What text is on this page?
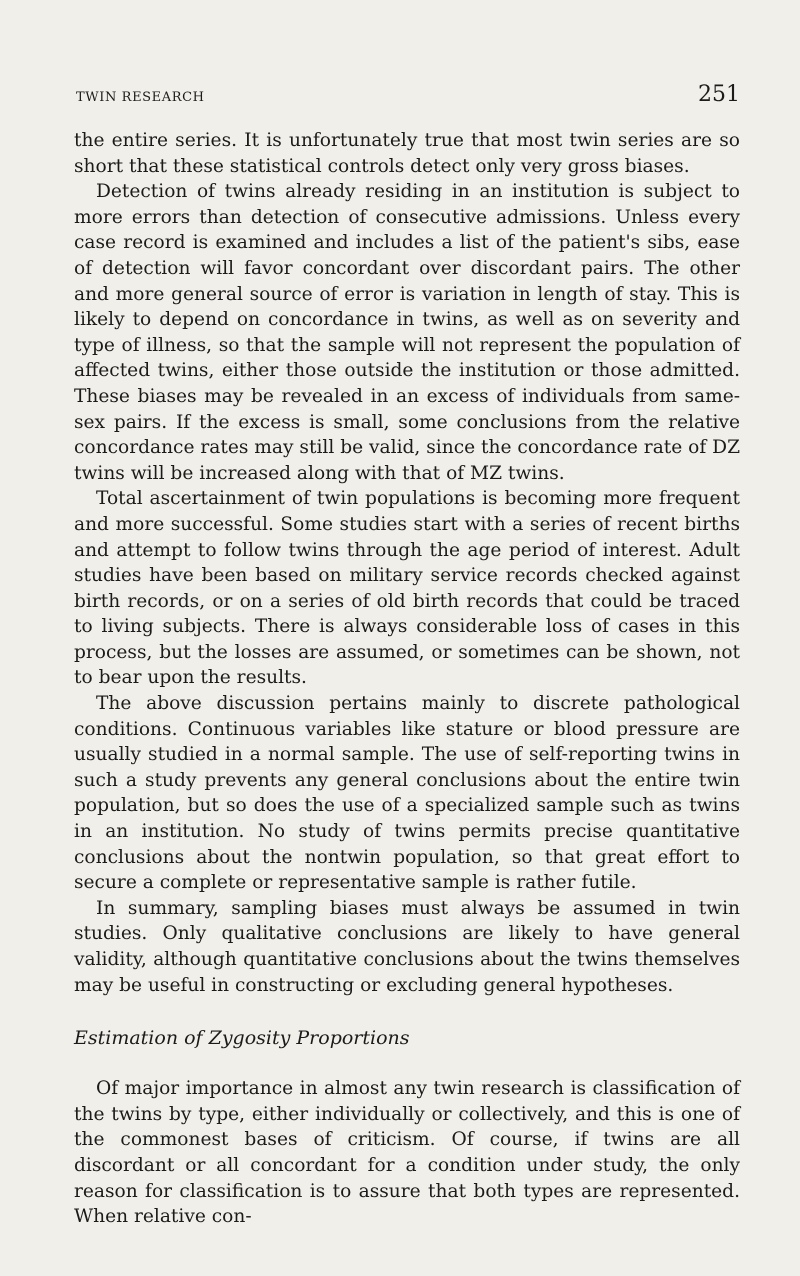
TWIN RESEARCH	251

the entire series. It is unfortunately true that most twin series are so short that these statistical controls detect only very gross biases.

Detection of twins already residing in an institution is subject to more errors than detection of consecutive admissions. Unless every case record is examined and includes a list of the patient's sibs, ease of detection will favor concordant over discordant pairs. The other and more general source of error is variation in length of stay. This is likely to depend on concordance in twins, as well as on severity and type of illness, so that the sample will not represent the population of affected twins, either those outside the institution or those admitted. These biases may be revealed in an excess of individuals from same-sex pairs. If the excess is small, some conclusions from the relative concordance rates may still be valid, since the concordance rate of DZ twins will be increased along with that of MZ twins.

Total ascertainment of twin populations is becoming more frequent and more successful. Some studies start with a series of recent births and attempt to follow twins through the age period of interest. Adult studies have been based on military service records checked against birth records, or on a series of old birth records that could be traced to living subjects. There is always considerable loss of cases in this process, but the losses are assumed, or sometimes can be shown, not to bear upon the results.

The above discussion pertains mainly to discrete pathological conditions. Continuous variables like stature or blood pressure are usually studied in a normal sample. The use of self-reporting twins in such a study prevents any general conclusions about the entire twin population, but so does the use of a specialized sample such as twins in an institution. No study of twins permits precise quantitative conclusions about the nontwin population, so that great effort to secure a complete or representative sample is rather futile.

In summary, sampling biases must always be assumed in twin studies. Only qualitative conclusions are likely to have general validity, although quantitative conclusions about the twins themselves may be useful in constructing or excluding general hypotheses.

Estimation of Zygosity Proportions

Of major importance in almost any twin research is classification of the twins by type, either individually or collectively, and this is one of the commonest bases of criticism. Of course, if twins are all discordant or all concordant for a condition under study, the only reason for classification is to assure that both types are represented. When relative con-
